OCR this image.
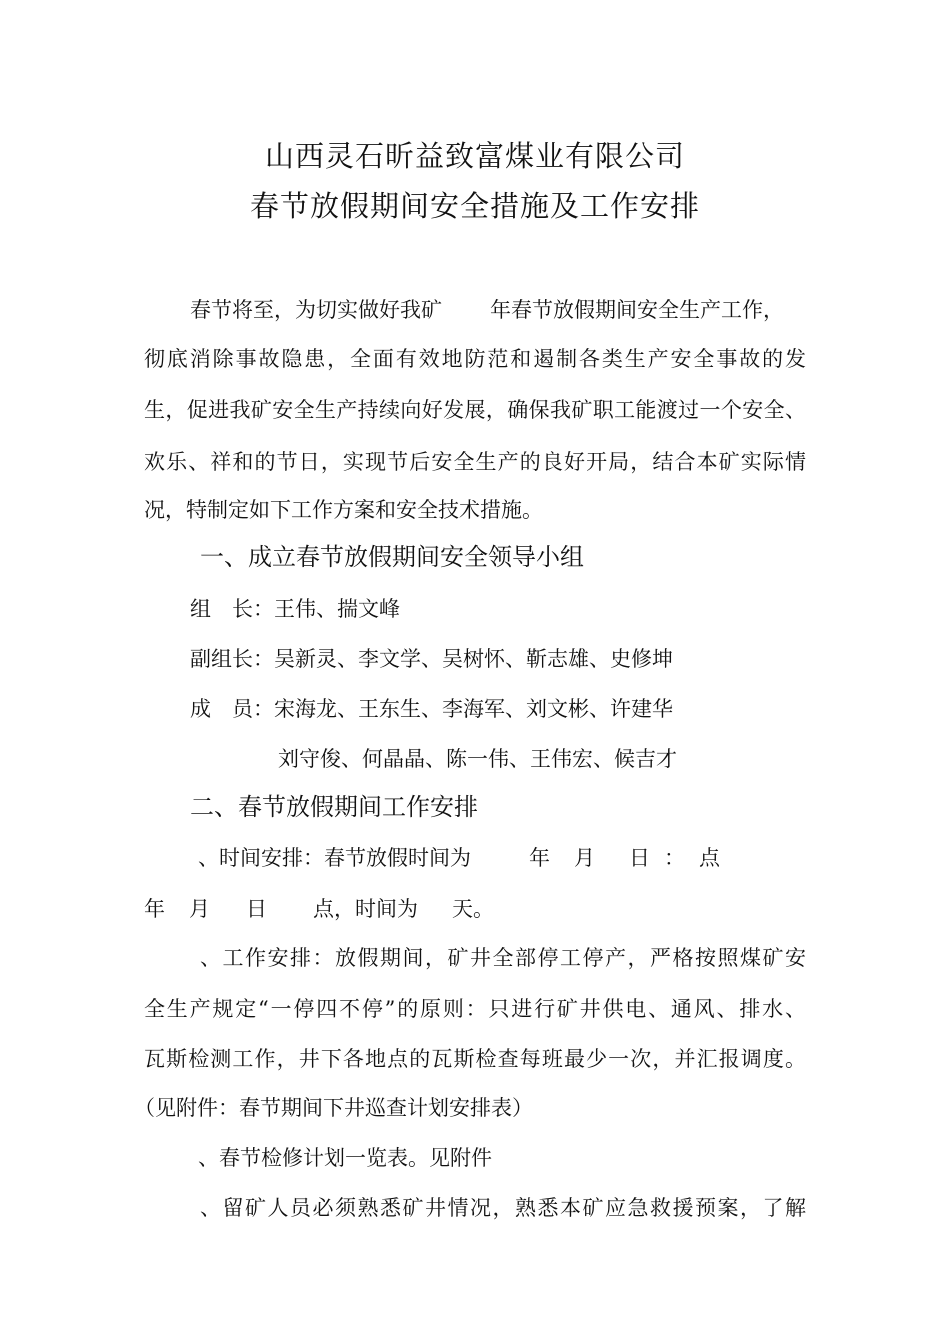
山西灵石昕益致富煤业有限公司
春节放假期间安全措施及工作安排
春节将至，为切实做好我矿 年春节放假期间安全生产工作，
彻底消除事故隐患，全面有效地防范和遏制各类生产安全事故的发
生，促进我矿安全生产持续向好发展，确保我矿职工能渡过一个安全、
欢乐、祥和的节日，实现节后安全生产的良好开局，结合本矿实际情
况，特制定如下工作方案和安全技术措施。
一、成立春节放假期间安全领导小组
组　长：王伟、揣文峰
副组长：吴新灵、李文学、吴树怀、靳志雄、史修坤
成　员：宋海龙、王东生、李海军、刘文彬、许建华
刘守俊、何晶晶、陈一伟、王伟宏、候吉才
二、春节放假期间工作安排
、时间安排：春节放假时间为	年 月 日 ： 点
年 月 日 点，时间为 天。
、工作安排：放假期间，矿井全部停工停产，严格按照煤矿安
全生产规定“一停四不停”的原则：只进行矿井供电、通风、排水、
瓦斯检测工作，井下各地点的瓦斯检查每班最少一次，并汇报调度。
（见附件：春节期间下井巡查计划安排表）
、春节检修计划一览表。见附件
、留矿人员必须熟悉矿井情况，熟悉本矿应急救援预案，了解
